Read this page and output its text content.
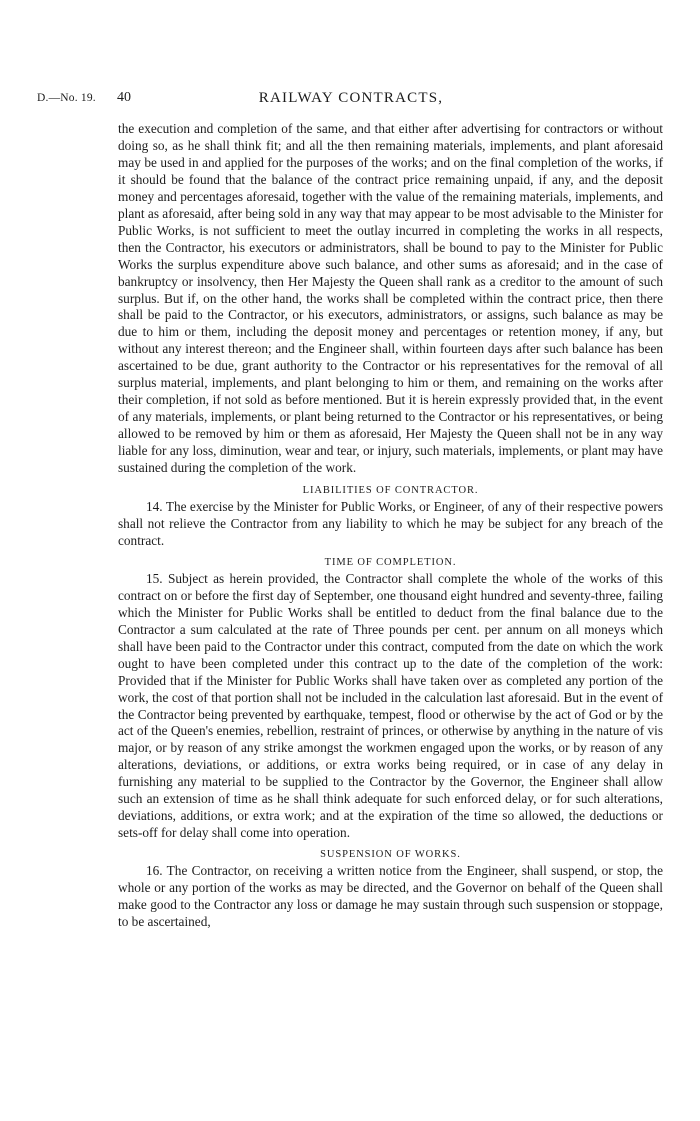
D.—No. 19. 40	RAILWAY CONTRACTS,

the execution and completion of the same, and that either after advertising for contractors or without doing so, as he shall think fit; and all the then remaining materials, implements, and plant aforesaid may be used in and applied for the purposes of the works; and on the final completion of the works, if it should be found that the balance of the contract price remaining unpaid, if any, and the deposit money and percentages aforesaid, together with the value of the remaining materials, implements, and plant as aforesaid, after being sold in any way that may appear to be most advisable to the Minister for Public Works, is not sufficient to meet the outlay incurred in completing the works in all respects, then the Contractor, his executors or administrators, shall be bound to pay to the Minister for Public Works the surplus expenditure above such balance, and other sums as aforesaid; and in the case of bankruptcy or insolvency, then Her Majesty the Queen shall rank as a creditor to the amount of such surplus. But if, on the other hand, the works shall be completed within the contract price, then there shall be paid to the Contractor, or his executors, administrators, or assigns, such balance as may be due to him or them, including the deposit money and percentages or retention money, if any, but without any interest thereon; and the Engineer shall, within fourteen days after such balance has been ascertained to be due, grant authority to the Contractor or his representatives for the removal of all surplus material, implements, and plant belonging to him or them, and remaining on the works after their completion, if not sold as before mentioned. But it is herein expressly provided that, in the event of any materials, implements, or plant being returned to the Contractor or his representatives, or being allowed to be removed by him or them as aforesaid, Her Majesty the Queen shall not be in any way liable for any loss, diminution, wear and tear, or injury, such materials, implements, or plant may have sustained during the completion of the work.

LIABILITIES OF CONTRACTOR.

14. The exercise by the Minister for Public Works, or Engineer, of any of their respective powers shall not relieve the Contractor from any liability to which he may be subject for any breach of the contract.

TIME OF COMPLETION.

15. Subject as herein provided, the Contractor shall complete the whole of the works of this contract on or before the first day of September, one thousand eight hundred and seventy-three, failing which the Minister for Public Works shall be entitled to deduct from the final balance due to the Contractor a sum calculated at the rate of Three pounds per cent. per annum on all moneys which shall have been paid to the Contractor under this contract, computed from the date on which the work ought to have been completed under this contract up to the date of the completion of the work: Provided that if the Minister for Public Works shall have taken over as completed any portion of the work, the cost of that portion shall not be included in the calculation last aforesaid. But in the event of the Contractor being prevented by earthquake, tempest, flood or otherwise by the act of God or by the act of the Queen's enemies, rebellion, restraint of princes, or otherwise by anything in the nature of vis major, or by reason of any strike amongst the workmen engaged upon the works, or by reason of any alterations, deviations, or additions, or extra works being required, or in case of any delay in furnishing any material to be supplied to the Contractor by the Governor, the Engineer shall allow such an extension of time as he shall think adequate for such enforced delay, or for such alterations, deviations, additions, or extra work; and at the expiration of the time so allowed, the deductions or sets-off for delay shall come into operation.

SUSPENSION OF WORKS.

16. The Contractor, on receiving a written notice from the Engineer, shall suspend, or stop, the whole or any portion of the works as may be directed, and the Governor on behalf of the Queen shall make good to the Contractor any loss or damage he may sustain through such suspension or stoppage, to be ascertained,
